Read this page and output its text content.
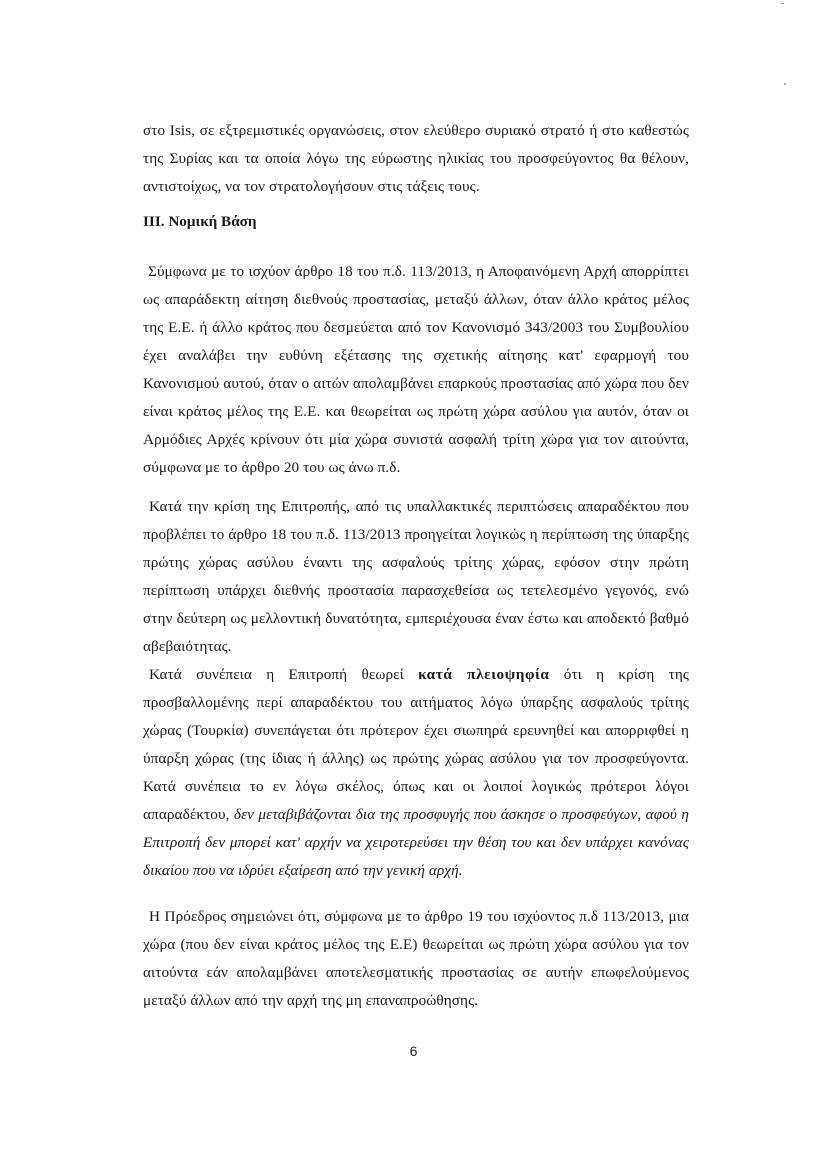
στο Isis, σε εξτρεμιστικές οργανώσεις, στον ελεύθερο συριακό στρατό ή στο καθεστώς της Συρίας και τα οποία λόγω της εύρωστης ηλικίας του προσφεύγοντος θα θέλουν, αντιστοίχως, να τον στρατολογήσουν στις τάξεις τους.

ΙΙΙ. Νομική Βάση

Σύμφωνα με το ισχύον άρθρο 18 του π.δ. 113/2013, η Αποφαινόμενη Αρχή απορρίπτει ως απαράδεκτη αίτηση διεθνούς προστασίας, μεταξύ άλλων, όταν άλλο κράτος μέλος της Ε.Ε. ή άλλο κράτος που δεσμεύεται από τον Κανονισμό 343/2003 του Συμβουλίου έχει αναλάβει την ευθύνη εξέτασης της σχετικής αίτησης κατ' εφαρμογή του Κανονισμού αυτού, όταν ο αιτών απολαμβάνει επαρκούς προστασίας από χώρα που δεν είναι κράτος μέλος της Ε.Ε. και θεωρείται ως πρώτη χώρα ασύλου για αυτόν, όταν οι Αρμόδιες Αρχές κρίνουν ότι μία χώρα συνιστά ασφαλή τρίτη χώρα για τον αιτούντα, σύμφωνα με το άρθρο 20 του ως άνω π.δ.

Κατά την κρίση της Επιτροπής, από τις υπαλλακτικές περιπτώσεις απαραδέκτου που προβλέπει το άρθρο 18 του π.δ. 113/2013 προηγείται λογικώς η περίπτωση της ύπαρξης πρώτης χώρας ασύλου έναντι της ασφαλούς τρίτης χώρας, εφόσον στην πρώτη περίπτωση υπάρχει διεθνής προστασία παρασχεθείσα ως τετελεσμένο γεγονός, ενώ στην δεύτερη ως μελλοντική δυνατότητα, εμπεριέχουσα έναν έστω και αποδεκτό βαθμό αβεβαιότητας.

Κατά συνέπεια η Επιτροπή θεωρεί κατά πλειοψηφία ότι η κρίση της προσβαλλομένης περί απαραδέκτου του αιτήματος λόγω ύπαρξης ασφαλούς τρίτης χώρας (Τουρκία) συνεπάγεται ότι πρότερον έχει σιωπηρά ερευνηθεί και απορριφθεί η ύπαρξη χώρας (της ίδιας ή άλλης) ως πρώτης χώρας ασύλου για τον προσφεύγοντα. Κατά συνέπεια το εν λόγω σκέλος, όπως και οι λοιποί λογικώς πρότεροι λόγοι απαραδέκτου, δεν μεταβιβάζονται δια της προσφυγής που άσκησε ο προσφεύγων, αφού η Επιτροπή δεν μπορεί κατ' αρχήν να χειροτερεύσει την θέση του και δεν υπάρχει κανόνας δικαίου που να ιδρύει εξαίρεση από την γενική αρχή.

Η Πρόεδρος σημειώνει ότι, σύμφωνα με το άρθρο 19 του ισχύοντος π.δ 113/2013, μια χώρα (που δεν είναι κράτος μέλος της Ε.Ε) θεωρείται ως πρώτη χώρα ασύλου για τον αιτούντα εάν απολαμβάνει αποτελεσματικής προστασίας σε αυτήν επωφελούμενος μεταξύ άλλων από την αρχή της μη επαναπροώθησης.

6
